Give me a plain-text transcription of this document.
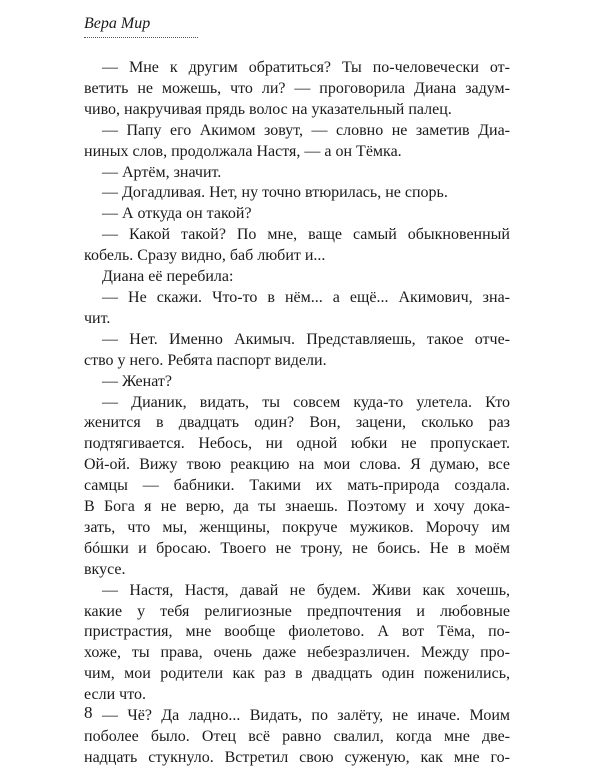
Вера Мир
— Мне к другим обратиться? Ты по-человечески от-
ветить не можешь, что ли? — проговорила Диана задум-
чиво, накручивая прядь волос на указательный палец.
— Папу его Акимом зовут, — словно не заметив Диа-
ниных слов, продолжала Настя, — а он Тёмка.
— Артём, значит.
— Догадливая. Нет, ну точно втюрилась, не спорь.
— А откуда он такой?
— Какой такой? По мне, ваще самый обыкновенный
кобель. Сразу видно, баб любит и...
Диана её перебила:
— Не скажи. Что-то в нём... а ещё... Акимович, зна-
чит.
— Нет. Именно Акимыч. Представляешь, такое отче-
ство у него. Ребята паспорт видели.
— Женат?
— Дианик, видать, ты совсем куда-то улетела. Кто
женится в двадцать один? Вон, зацени, сколько раз
подтягивается. Небось, ни одной юбки не пропускает.
Ой-ой. Вижу твою реакцию на мои слова. Я думаю, все
самцы — бабники. Такими их мать-природа создала.
В Бога я не верю, да ты знаешь. Поэтому и хочу дока-
зать, что мы, женщины, покруче мужиков. Морочу им
бóшки и бросаю. Твоего не трону, не боись. Не в моём
вкусе.
— Настя, Настя, давай не будем. Живи как хочешь,
какие у тебя религиозные предпочтения и любовные
пристрастия, мне вообще фиолетово. А вот Тёма, по-
хоже, ты права, очень даже небезразличен. Между про-
чим, мои родители как раз в двадцать один поженились,
если что.
— Чё? Да ладно... Видать, по залёту, не иначе. Моим
поболее было. Отец всё равно свалил, когда мне две-
надцать стукнуло. Встретил свою суженую, как мне го-
8
